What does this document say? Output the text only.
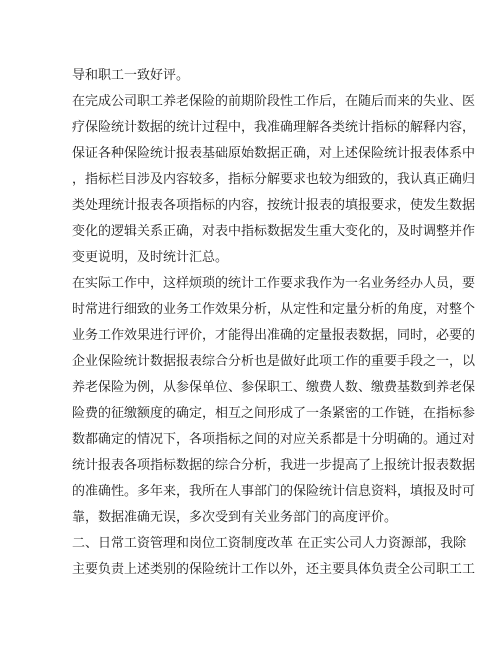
导和职工一致好评。
在完成公司职工养老保险的前期阶段性工作后，在随后而来的失业、医
疗保险统计数据的统计过程中，我准确理解各类统计指标的解释内容，
保证各种保险统计报表基础原始数据正确，对上述保险统计报表体系中
，指标栏目涉及内容较多，指标分解要求也较为细致的，我认真正确归
类处理统计报表各项指标的内容，按统计报表的填报要求，使发生数据
变化的逻辑关系正确，对表中指标数据发生重大变化的，及时调整并作
变更说明，及时统计汇总。
在实际工作中，这样烦琐的统计工作要求我作为一名业务经办人员，要
时常进行细致的业务工作效果分析，从定性和定量分析的角度，对整个
业务工作效果进行评价，才能得出准确的定量报表数据，同时，必要的
企业保险统计数据报表综合分析也是做好此项工作的重要手段之一，以
养老保险为例，从参保单位、参保职工、缴费人数、缴费基数到养老保
险费的征缴额度的确定，相互之间形成了一条紧密的工作链，在指标参
数都确定的情况下，各项指标之间的对应关系都是十分明确的。通过对
统计报表各项指标数据的综合分析，我进一步提高了上报统计报表数据
的准确性。多年来，我所在人事部门的保险统计信息资料，填报及时可
靠，数据准确无误，多次受到有关业务部门的高度评价。
二、日常工资管理和岗位工资制度改革 在正实公司人力资源部，我除
主要负责上述类别的保险统计工作以外，还主要具体负责全公司职工工
